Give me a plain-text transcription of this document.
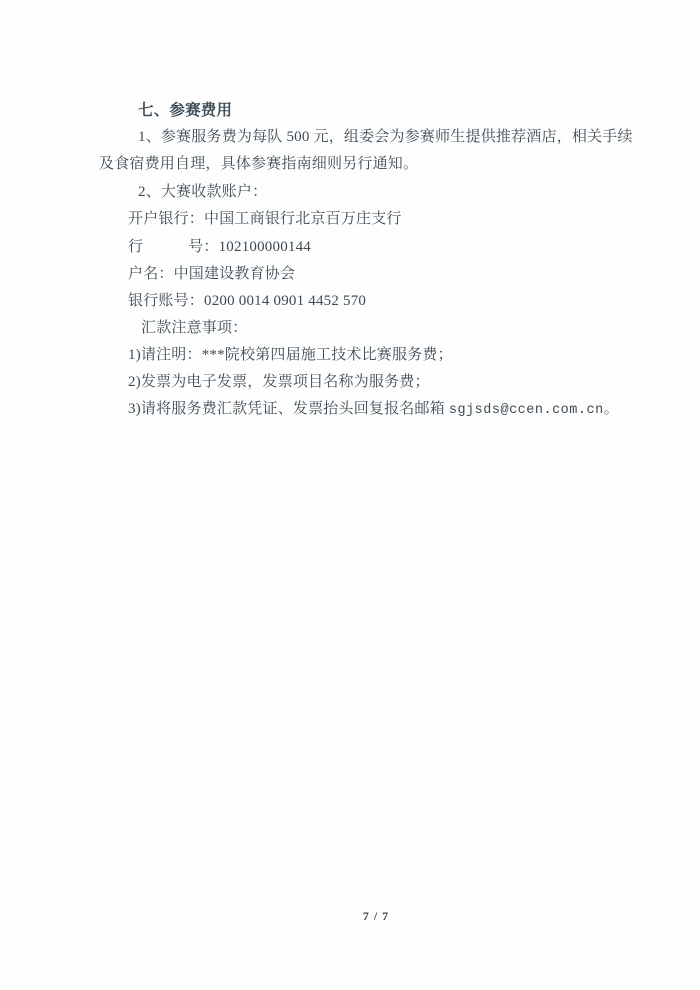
七、参赛费用
1、参赛服务费为每队 500 元，组委会为参赛师生提供推荐酒店，相关手续
及食宿费用自理，具体参赛指南细则另行通知。
2、大赛收款账户：
开户银行：中国工商银行北京百万庄支行
行	号：102100000144
户名：中国建设教育协会
银行账号：0200 0014 0901 4452 570
汇款注意事项：
1)请注明：***院校第四届施工技术比赛服务费；
2)发票为电子发票，发票项目名称为服务费；
3)请将服务费汇款凭证、发票抬头回复报名邮箱 sgjsds@ccen.com.cn。
7 / 7
